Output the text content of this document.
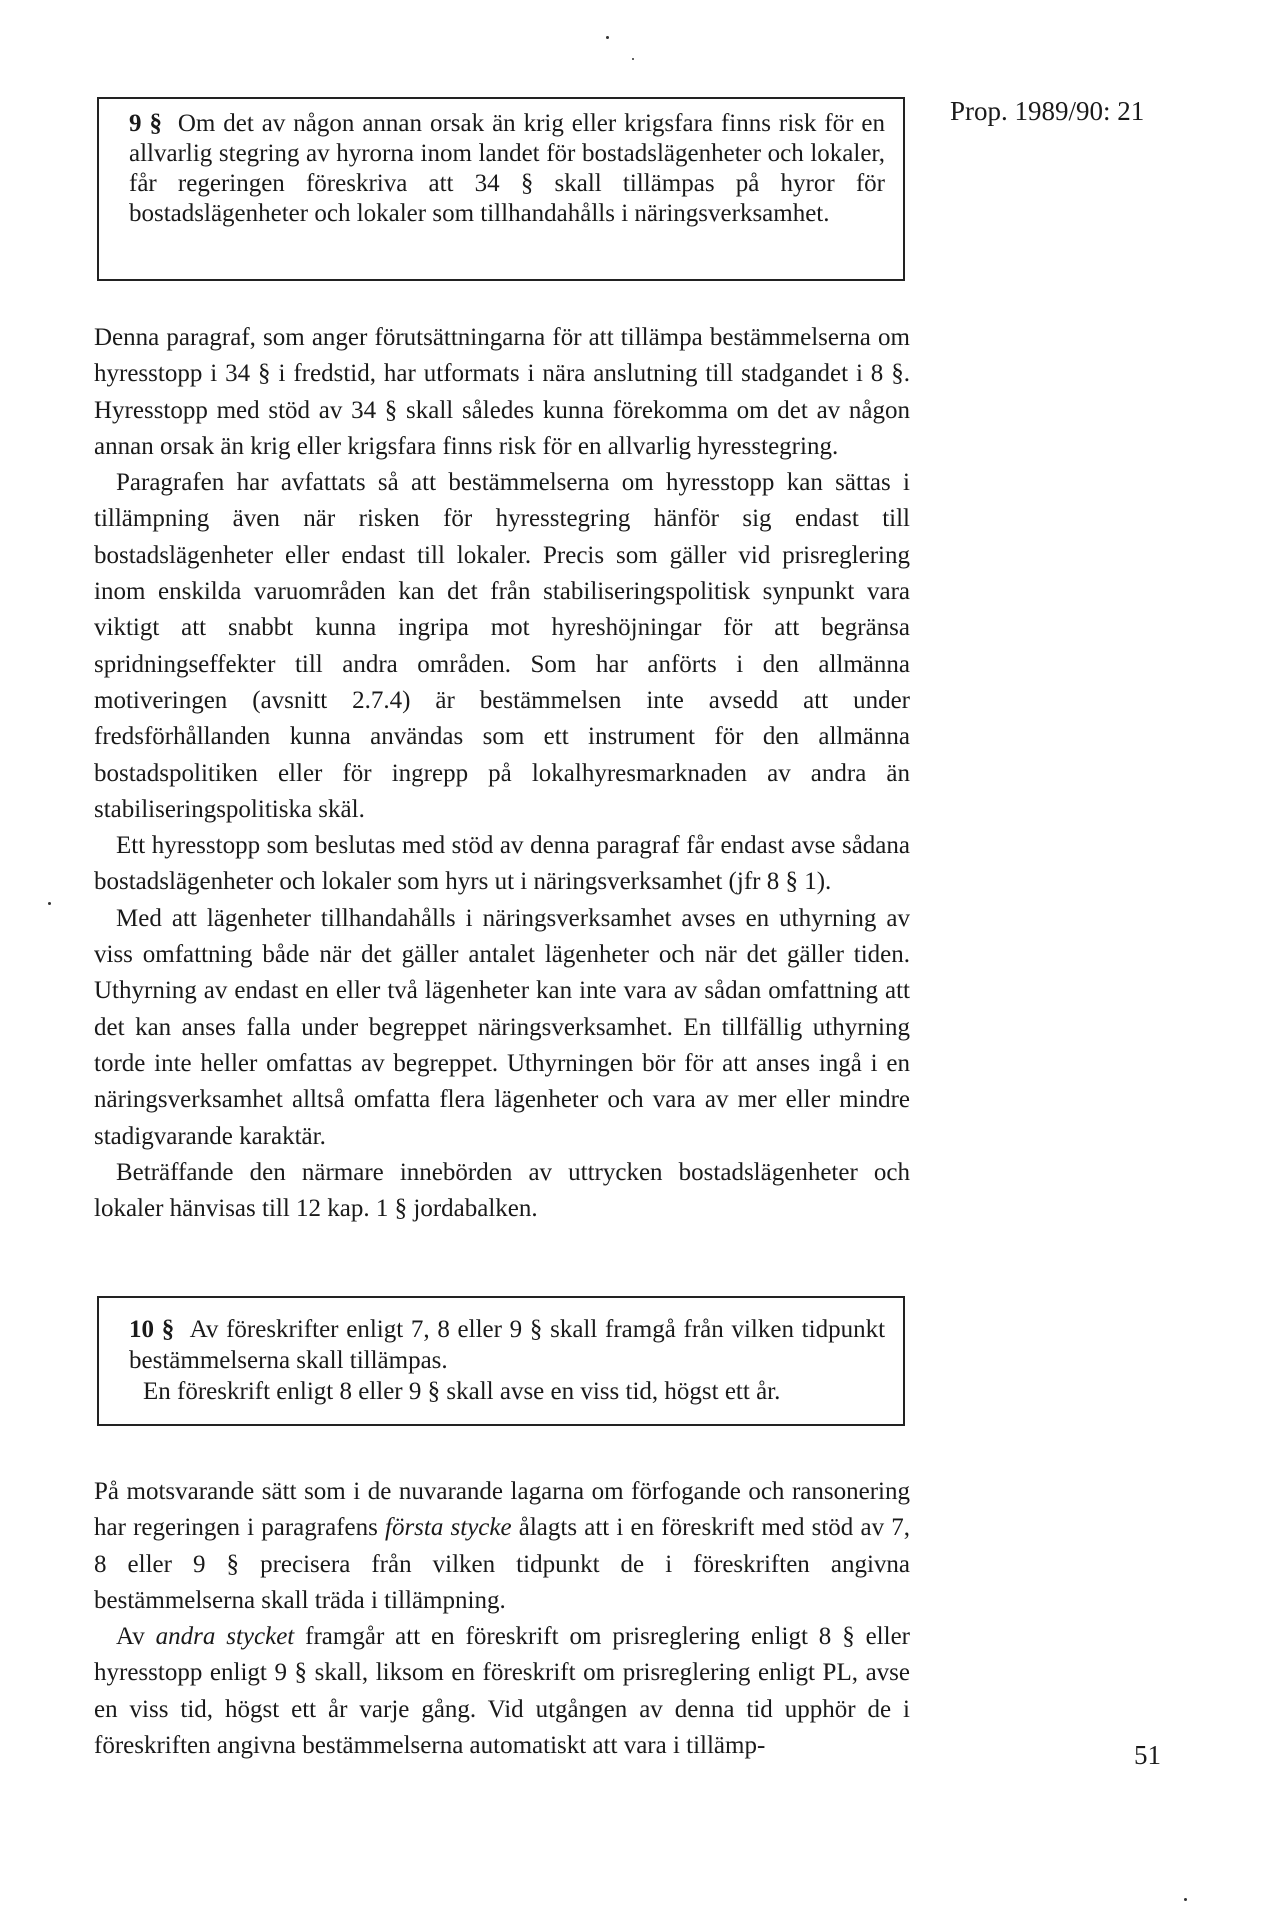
Prop. 1989/90: 21

9 § Om det av någon annan orsak än krig eller krigsfara finns risk för en allvarlig stegring av hyrorna inom landet för bostadslägenheter och lokaler, får regeringen föreskriva att 34 § skall tillämpas på hyror för bostadslägenheter och lokaler som tillhandahålls i näringsverksamhet.

Denna paragraf, som anger förutsättningarna för att tillämpa bestämmelserna om hyresstopp i 34 § i fredstid, har utformats i nära anslutning till stadgandet i 8 §. Hyresstopp med stöd av 34 § skall således kunna förekomma om det av någon annan orsak än krig eller krigsfara finns risk för en allvarlig hyresstegring.

Paragrafen har avfattats så att bestämmelserna om hyresstopp kan sättas i tillämpning även när risken för hyresstegring hänför sig endast till bostadslägenheter eller endast till lokaler. Precis som gäller vid prisreglering inom enskilda varuområden kan det från stabiliseringspolitisk synpunkt vara viktigt att snabbt kunna ingripa mot hyreshöjningar för att begränsa spridningseffekter till andra områden. Som har anförts i den allmänna motiveringen (avsnitt 2.7.4) är bestämmelsen inte avsedd att under fredsförhållanden kunna användas som ett instrument för den allmänna bostadspolitiken eller för ingrepp på lokalhyresmarknaden av andra än stabiliseringspolitiska skäl.

Ett hyresstopp som beslutas med stöd av denna paragraf får endast avse sådana bostadslägenheter och lokaler som hyrs ut i näringsverksamhet (jfr 8 § 1).

Med att lägenheter tillhandahålls i näringsverksamhet avses en uthyrning av viss omfattning både när det gäller antalet lägenheter och när det gäller tiden. Uthyrning av endast en eller två lägenheter kan inte vara av sådan omfattning att det kan anses falla under begreppet näringsverksamhet. En tillfällig uthyrning torde inte heller omfattas av begreppet. Uthyrningen bör för att anses ingå i en näringsverksamhet alltså omfatta flera lägenheter och vara av mer eller mindre stadigvarande karaktär.

Beträffande den närmare innebörden av uttrycken bostadslägenheter och lokaler hänvisas till 12 kap. 1 § jordabalken.

10 § Av föreskrifter enligt 7, 8 eller 9 § skall framgå från vilken tidpunkt bestämmelserna skall tillämpas.

En föreskrift enligt 8 eller 9 § skall avse en viss tid, högst ett år.

På motsvarande sätt som i de nuvarande lagarna om förfogande och ransonering har regeringen i paragrafens första stycke ålagts att i en föreskrift med stöd av 7, 8 eller 9 § precisera från vilken tidpunkt de i föreskriften angivna bestämmelserna skall träda i tillämpning.

Av andra stycket framgår att en föreskrift om prisreglering enligt 8 § eller hyresstopp enligt 9 § skall, liksom en föreskrift om prisreglering enligt PL, avse en viss tid, högst ett år varje gång. Vid utgången av denna tid upphör de i föreskriften angivna bestämmelserna automatiskt att vara i tillämp-	51
